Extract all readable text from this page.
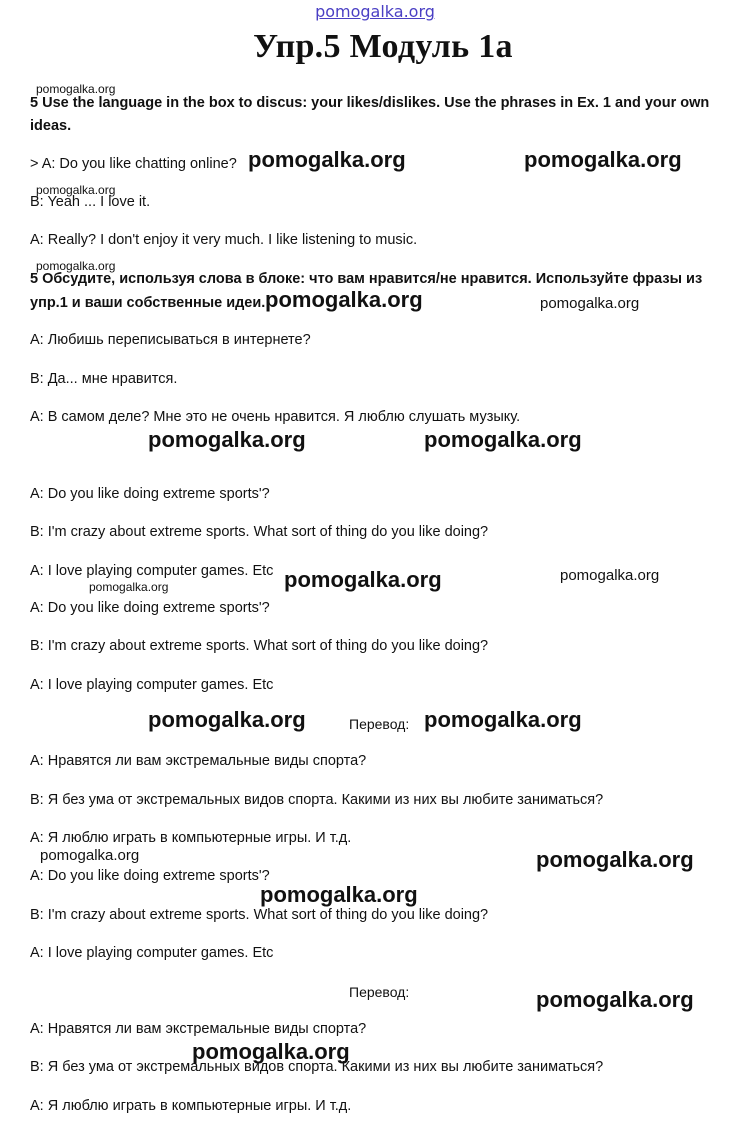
pomogalka.org
Упр.5 Модуль 1а
pomogalka.org
5 Use the language in the box to discus: your likes/dislikes. Use the phrases in Ex. 1 and your own
ideas.
> A: Do you like chatting online? pomogalka.org	pomogalka.org
pomogalka.org
B: Yeah ... I love it.
A: Really? I don't enjoy it very much. I like listening to music.
pomogalka.org
5 Обсудите, используя слова в блоке: что вам нравится/не нравится. Используйте фразы из
упр.1 и ваши собственные идеи. pomogalka.org	pomogalka.org
A: Любишь переписываться в интернете?
B: Да... мне нравится.
A: В самом деле? Мне это не очень нравится. Я люблю слушать музыку.
pomogalka.org	pomogalka.org
A: Do you like doing extreme sports'?
B: I'm crazy about extreme sports. What sort of thing do you like doing?
A: I love playing computer games. Etc pomogalka.org	pomogalka.org
pomogalka.org
A: Do you like doing extreme sports'?
B: I'm crazy about extreme sports. What sort of thing do you like doing?
A: I love playing computer games. Etc
pomogalka.org	Перевод: pomogalka.org
A: Нравятся ли вам экстремальные виды спорта?
B: Я без ума от экстремальных видов спорта. Какими из них вы любите заниматься?
A: Я люблю играть в компьютерные игры. И т.д.
pomogalka.org	pomogalka.org
A: Do you like doing extreme sports'?
pomogalka.org
B: I'm crazy about extreme sports. What sort of thing do you like doing?
A: I love playing computer games. Etc
Перевод:	pomogalka.org
A: Нравятся ли вам экстремальные виды спорта?
pomogalka.org
B: Я без ума от экстремальных видов спорта. Какими из них вы любите заниматься?
A: Я люблю играть в компьютерные игры. И т.д.
